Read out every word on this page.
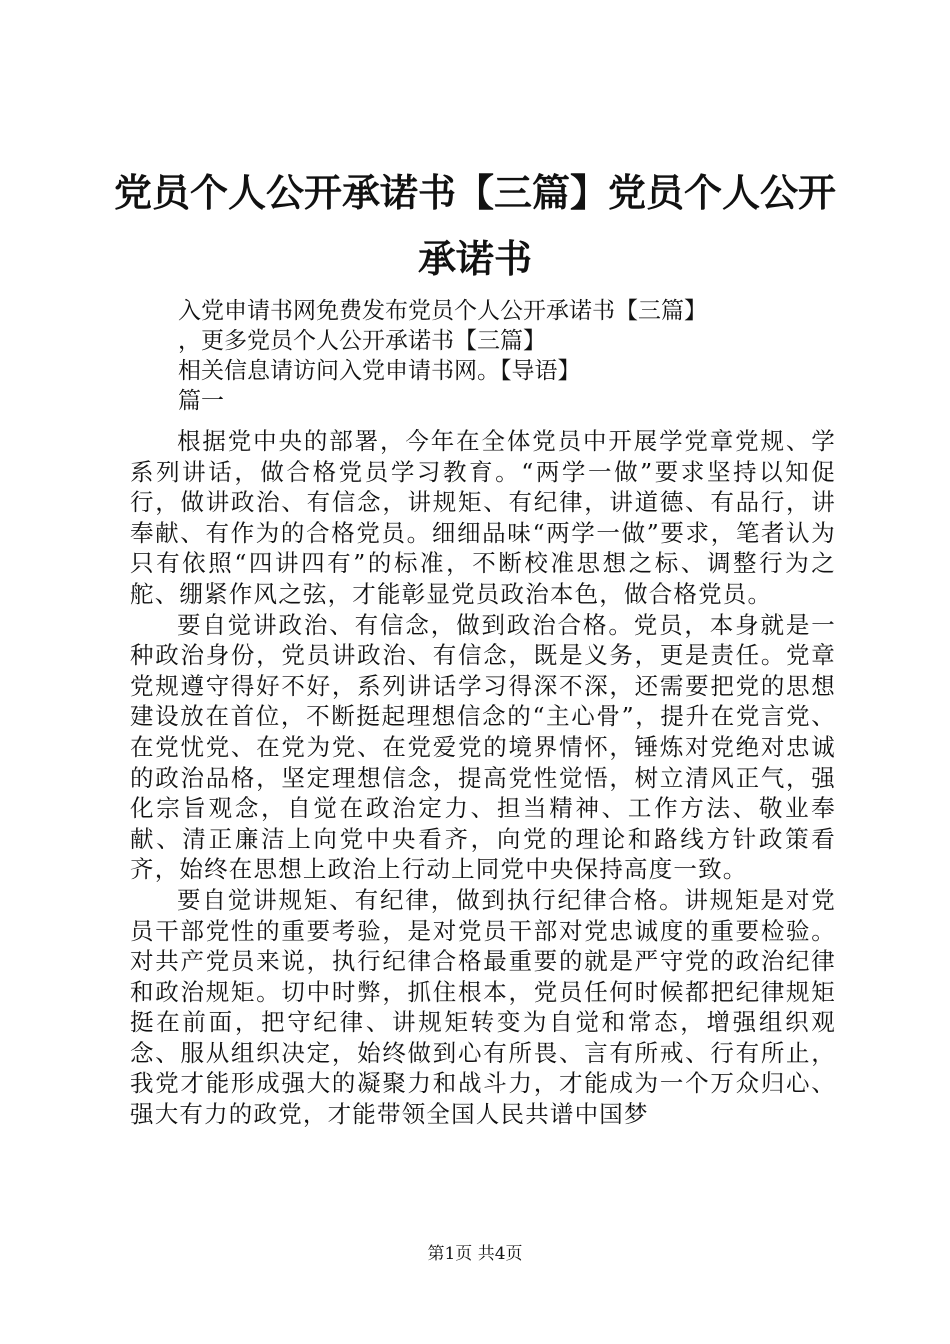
党员个人公开承诺书【三篇】党员个人公开承诺书
入党申请书网免费发布党员个人公开承诺书【三篇】
，更多党员个人公开承诺书【三篇】
相关信息请访问入党申请书网。【导语】
篇一

根据党中央的部署，今年在全体党员中开展学党章党规、学系列讲话，做合格党员学习教育。“两学一做”要求坚持以知促行，做讲政治、有信念，讲规矩、有纪律，讲道德、有品行，讲奉献、有作为的合格党员。细细品味“两学一做”要求，笔者认为只有依照“四讲四有”的标准，不断校准思想之标、调整行为之舵、绷紧作风之弦，才能彰显党员政治本色，做合格党员。

要自觉讲政治、有信念，做到政治合格。党员，本身就是一种政治身份，党员讲政治、有信念，既是义务，更是责任。党章党规遵守得好不好，系列讲话学习得深不深，还需要把党的思想建设放在首位，不断挺起理想信念的“主心骨”，提升在党言党、在党忧党、在党为党、在党爱党的境界情怀，锤炼对党绝对忠诚的政治品格，坚定理想信念，提高党性觉悟，树立清风正气，强化宗旨观念，自觉在政治定力、担当精神、工作方法、敬业奉献、清正廉洁上向党中央看齐，向党的理论和路线方针政策看齐，始终在思想上政治上行动上同党中央保持高度一致。

要自觉讲规矩、有纪律，做到执行纪律合格。讲规矩是对党员干部党性的重要考验，是对党员干部对党忠诚度的重要检验。对共产党员来说，执行纪律合格最重要的就是严守党的政治纪律和政治规矩。切中时弊，抓住根本，党员任何时候都把纪律规矩挺在前面，把守纪律、讲规矩转变为自觉和常态，增强组织观念、服从组织决定，始终做到心有所畏、言有所戒、行有所止，我党才能形成强大的凝聚力和战斗力，才能成为一个万众归心、强大有力的政党，才能带领全国人民共谱中国梦

第1页 共4页
